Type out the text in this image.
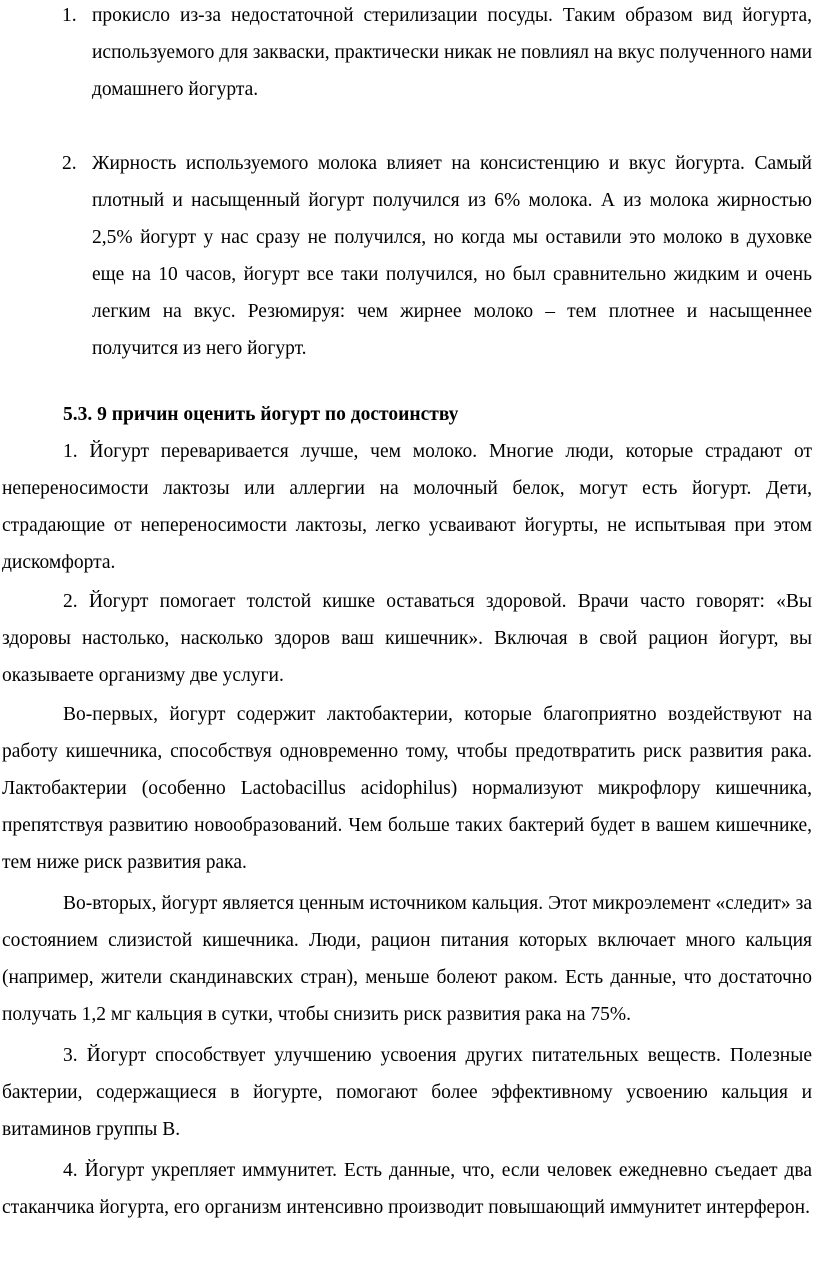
1. прокисло из-за недостаточной стерилизации посуды. Таким образом вид йогурта, используемого для закваски, практически никак не повлиял на вкус полученного нами домашнего йогурта.
2. Жирность используемого молока влияет на консистенцию и вкус йогурта. Самый плотный и насыщенный йогурт получился из 6% молока. А из молока жирностью 2,5% йогурт у нас сразу не получился, но когда мы оставили это молоко в духовке еще на 10 часов, йогурт все таки получился, но был сравнительно жидким и очень легким на вкус. Резюмируя: чем жирнее молоко – тем плотнее и насыщеннее получится из него йогурт.
5.3. 9 причин оценить йогурт по достоинству

1. Йогурт переваривается лучше, чем молоко. Многие люди, которые страдают от непереносимости лактозы или аллергии на молочный белок, могут есть йогурт. Дети, страдающие от непереносимости лактозы, легко усваивают йогурты, не испытывая при этом дискомфорта.

2. Йогурт помогает толстой кишке оставаться здоровой. Врачи часто говорят: «Вы здоровы настолько, насколько здоров ваш кишечник». Включая в свой рацион йогурт, вы оказываете организму две услуги.

Во-первых, йогурт содержит лактобактерии, которые благоприятно воздействуют на работу кишечника, способствуя одновременно тому, чтобы предотвратить риск развития рака. Лактобактерии (особенно Lactobacillus acidophilus) нормализуют микрофлору кишечника, препятствуя развитию новообразований. Чем больше таких бактерий будет в вашем кишечнике, тем ниже риск развития рака.

Во-вторых, йогурт является ценным источником кальция. Этот микроэлемент «следит» за состоянием слизистой кишечника. Люди, рацион питания которых включает много кальция (например, жители скандинавских стран), меньше болеют раком. Есть данные, что достаточно получать 1,2 мг кальция в сутки, чтобы снизить риск развития рака на 75%.

3. Йогурт способствует улучшению усвоения других питательных веществ. Полезные бактерии, содержащиеся в йогурте, помогают более эффективному усвоению кальция и витаминов группы В.

4. Йогурт укрепляет иммунитет. Есть данные, что, если человек ежедневно съедает два стаканчика йогурта, его организм интенсивно производит повышающий иммунитет интерферон.
